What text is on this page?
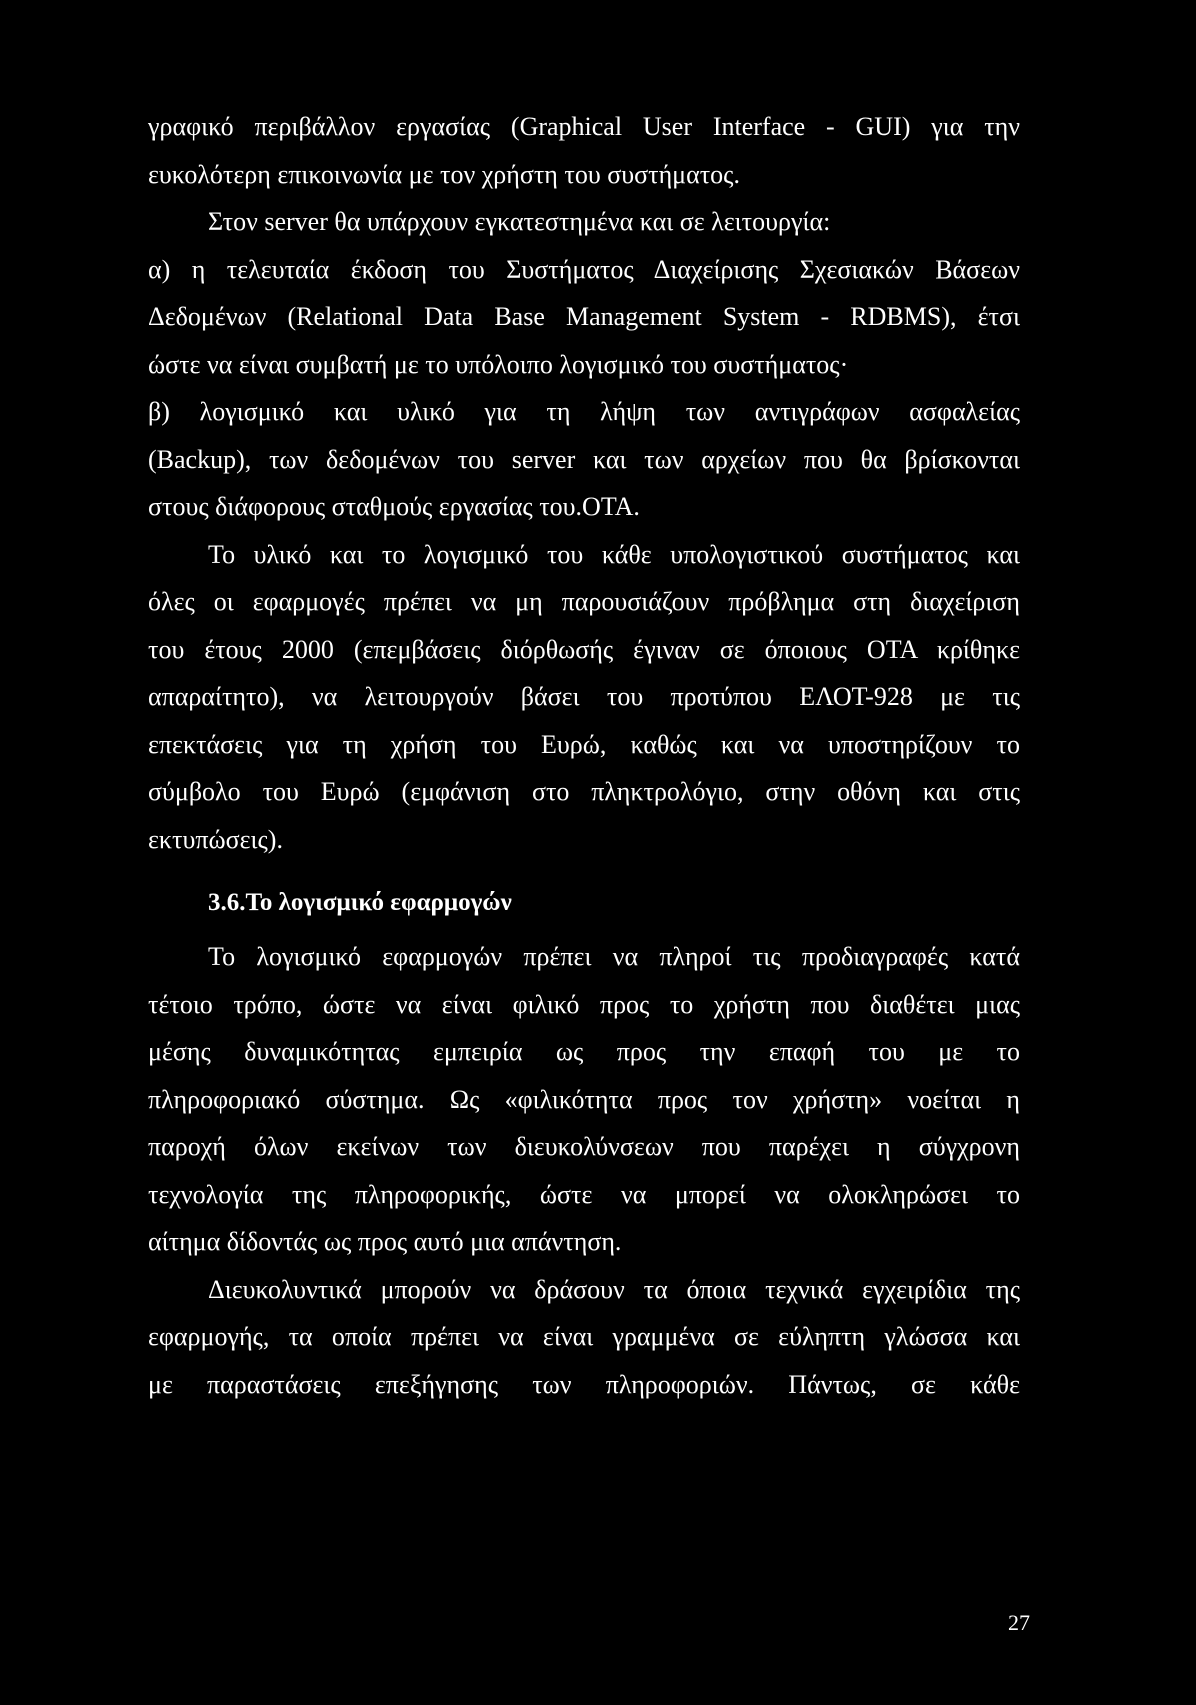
γραφικό περιβάλλον εργασίας (Graphical User Interface - GUI) για την
ευκολότερη επικοινωνία με τον χρήστη του συστήματος.
Στον server θα υπάρχουν εγκατεστημένα και σε λειτουργία:
α) η τελευταία έκδοση του Συστήματος Διαχείρισης Σχεσιακών Βάσεων
Δεδομένων (Relational Data Base Management System - RDBMS), έτσι
ώστε να είναι συμβατή με το υπόλοιπο λογισμικό του συστήματος·
β) λογισμικό και υλικό για τη λήψη των αντιγράφων ασφαλείας
(Backup), των δεδομένων του server και των αρχείων που θα βρίσκονται
στους διάφορους σταθμούς εργασίας του.ΟΤΑ.
Το υλικό και το λογισμικό του κάθε υπολογιστικού συστήματος και
όλες οι εφαρμογές πρέπει να μη παρουσιάζουν πρόβλημα στη διαχείριση
του έτους 2000 (επεμβάσεις διόρθωσής έγιναν σε όποιους ΟΤΑ κρίθηκε
απαραίτητο), να λειτουργούν βάσει του προτύπου ΕΛΟΤ-928 με τις
επεκτάσεις για τη χρήση του Ευρώ, καθώς και να υποστηρίζουν το
σύμβολο του Ευρώ (εμφάνιση στο πληκτρολόγιο, στην οθόνη και στις
εκτυπώσεις).
Το λογισμικό εφαρμογών πρέπει να πληροί τις προδιαγραφές κατά
τέτοιο τρόπο, ώστε να είναι φιλικό προς το χρήστη που διαθέτει μιας
μέσης δυναμικότητας εμπειρία ως προς την επαφή του με το
πληροφοριακό σύστημα. Ως «φιλικότητα προς τον χρήστη» νοείται η
παροχή όλων εκείνων των διευκολύνσεων που παρέχει η σύγχρονη
τεχνολογία της πληροφορικής, ώστε να μπορεί να ολοκληρώσει το
αίτημα δίδοντάς ως προς αυτό μια απάντηση.
Διευκολυντικά μπορούν να δράσουν τα όποια τεχνικά εγχειρίδια της
εφαρμογής, τα οποία πρέπει να είναι γραμμένα σε εύληπτη γλώσσα και
με παραστάσεις επεξήγησης των πληροφοριών. Πάντως, σε κάθε
3.6.Το λογισμικό εφαρμογών
27
